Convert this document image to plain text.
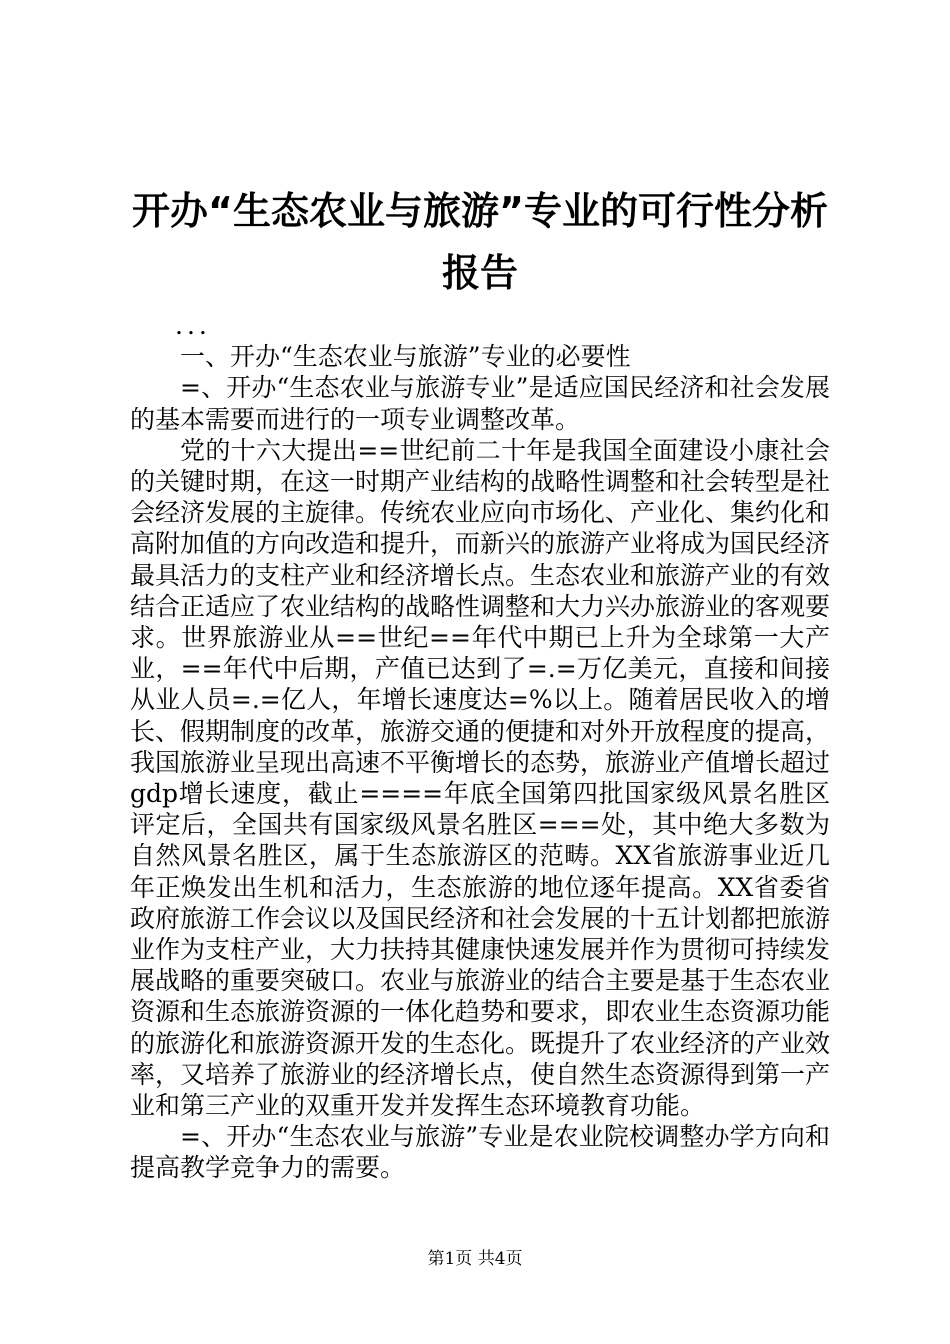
开办“生态农业与旅游”专业的可行性分析报告

...

一、开办“生态农业与旅游”专业的必要性

=、开办“生态农业与旅游专业”是适应国民经济和社会发展的基本需要而进行的一项专业调整改革。

党的十六大提出==世纪前二十年是我国全面建设小康社会的关键时期，在这一时期产业结构的战略性调整和社会转型是社会经济发展的主旋律。传统农业应向市场化、产业化、集约化和高附加值的方向改造和提升，而新兴的旅游产业将成为国民经济最具活力的支柱产业和经济增长点。生态农业和旅游产业的有效结合正适应了农业结构的战略性调整和大力兴办旅游业的客观要求。世界旅游业从==世纪==年代中期已上升为全球第一大产业，==年代中后期，产值已达到了=.=万亿美元，直接和间接从业人员=.=亿人，年增长速度达=%以上。随着居民收入的增长、假期制度的改革，旅游交通的便捷和对外开放程度的提高，我国旅游业呈现出高速不平衡增长的态势，旅游业产值增长超过gdp增长速度，截止====年底全国第四批国家级风景名胜区评定后，全国共有国家级风景名胜区===处，其中绝大多数为自然风景名胜区，属于生态旅游区的范畴。XX省旅游事业近几年正焕发出生机和活力，生态旅游的地位逐年提高。XX省委省政府旅游工作会议以及国民经济和社会发展的十五计划都把旅游业作为支柱产业，大力扶持其健康快速发展并作为贯彻可持续发展战略的重要突破口。农业与旅游业的结合主要是基于生态农业资源和生态旅游资源的一体化趋势和要求，即农业生态资源功能的旅游化和旅游资源开发的生态化。既提升了农业经济的产业效率，又培养了旅游业的经济增长点，使自然生态资源得到第一产业和第三产业的双重开发并发挥生态环境教育功能。

=、开办“生态农业与旅游”专业是农业院校调整办学方向和提高教学竞争力的需要。

第1页 共4页
